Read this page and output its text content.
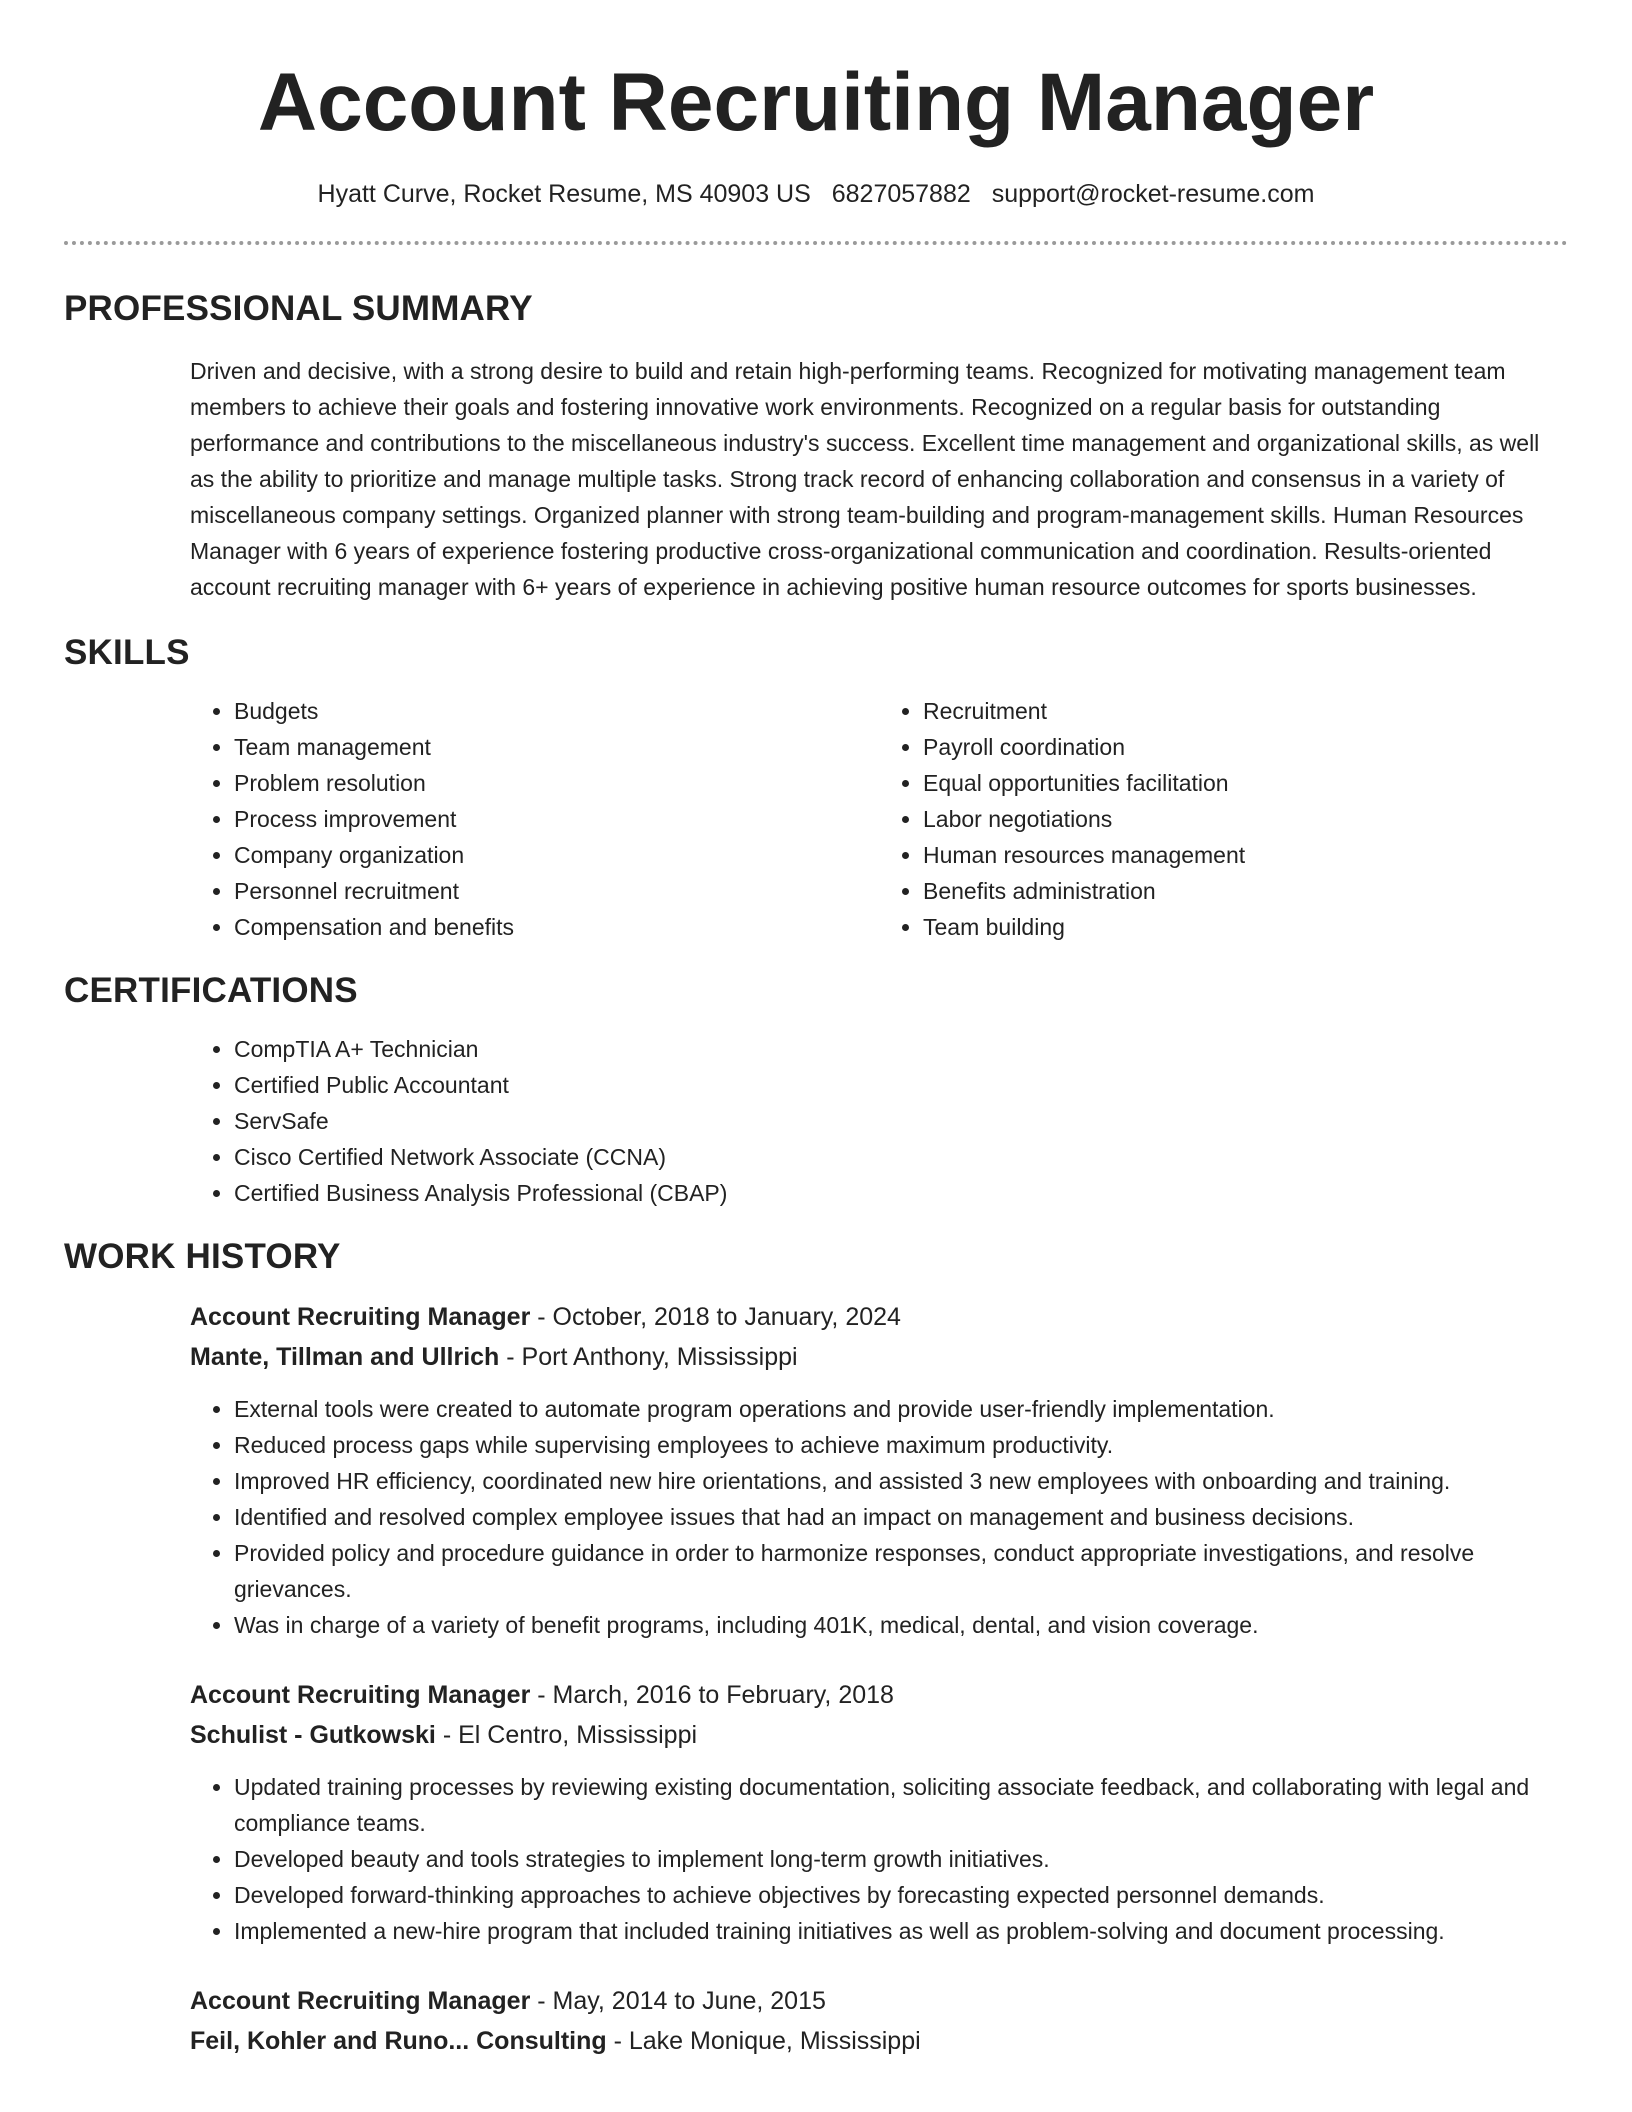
Account Recruiting Manager
Hyatt Curve, Rocket Resume, MS 40903 US 6827057882 support@rocket-resume.com
PROFESSIONAL SUMMARY
Driven and decisive, with a strong desire to build and retain high-performing teams. Recognized for motivating management team members to achieve their goals and fostering innovative work environments. Recognized on a regular basis for outstanding performance and contributions to the miscellaneous industry's success. Excellent time management and organizational skills, as well as the ability to prioritize and manage multiple tasks. Strong track record of enhancing collaboration and consensus in a variety of miscellaneous company settings. Organized planner with strong team-building and program-management skills. Human Resources Manager with 6 years of experience fostering productive cross-organizational communication and coordination. Results-oriented account recruiting manager with 6+ years of experience in achieving positive human resource outcomes for sports businesses.
SKILLS
• Budgets
• Team management
• Problem resolution
• Process improvement
• Company organization
• Personnel recruitment
• Compensation and benefits
• Recruitment
• Payroll coordination
• Equal opportunities facilitation
• Labor negotiations
• Human resources management
• Benefits administration
• Team building
CERTIFICATIONS
• CompTIA A+ Technician
• Certified Public Accountant
• ServSafe
• Cisco Certified Network Associate (CCNA)
• Certified Business Analysis Professional (CBAP)
WORK HISTORY
Account Recruiting Manager - October, 2018 to January, 2024
Mante, Tillman and Ullrich - Port Anthony, Mississippi
• External tools were created to automate program operations and provide user-friendly implementation.
• Reduced process gaps while supervising employees to achieve maximum productivity.
• Improved HR efficiency, coordinated new hire orientations, and assisted 3 new employees with onboarding and training.
• Identified and resolved complex employee issues that had an impact on management and business decisions.
• Provided policy and procedure guidance in order to harmonize responses, conduct appropriate investigations, and resolve grievances.
• Was in charge of a variety of benefit programs, including 401K, medical, dental, and vision coverage.
Account Recruiting Manager - March, 2016 to February, 2018
Schulist - Gutkowski - El Centro, Mississippi
• Updated training processes by reviewing existing documentation, soliciting associate feedback, and collaborating with legal and compliance teams.
• Developed beauty and tools strategies to implement long-term growth initiatives.
• Developed forward-thinking approaches to achieve objectives by forecasting expected personnel demands.
• Implemented a new-hire program that included training initiatives as well as problem-solving and document processing.
Account Recruiting Manager - May, 2014 to June, 2015
Feil, Kohler and Runo... Consulting - Lake Monique, Mississippi
